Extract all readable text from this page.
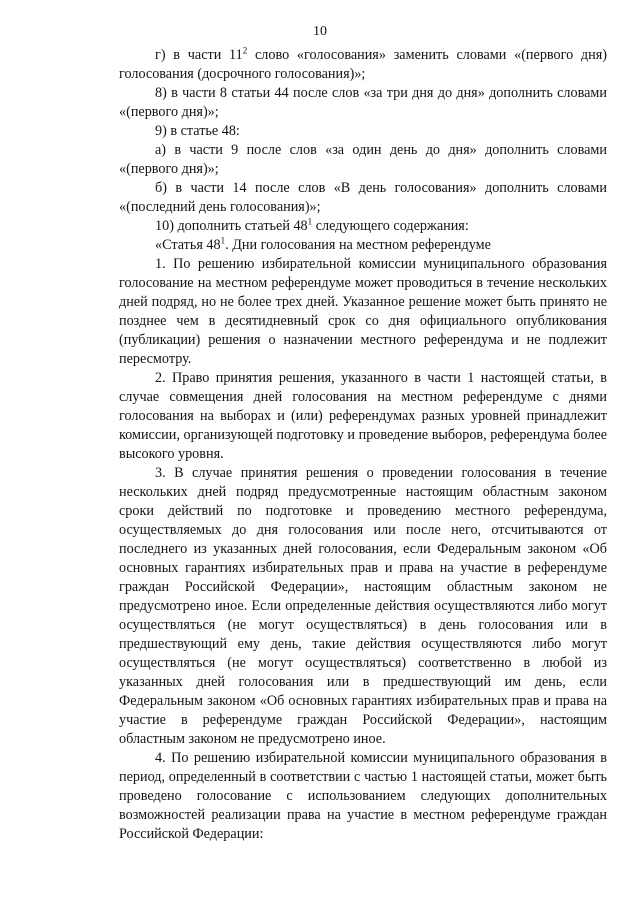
10

г) в части $11^2$ слово «голосования» заменить словами «(первого дня) голосования (досрочного голосования)»;

8) в части 8 статьи 44 после слов «за три дня до дня» дополнить словами «(первого дня)»;

9) в статье 48:

а) в части 9 после слов «за один день до дня» дополнить словами «(первого дня)»;

б) в части 14 после слов «В день голосования» дополнить словами «(последний день голосования)»;

10) дополнить статьей $48^1$ следующего содержания:

«Статья $48^1$. Дни голосования на местном референдуме

1. По решению избирательной комиссии муниципального образования голосование на местном референдуме может проводиться в течение нескольких дней подряд, но не более трех дней. Указанное решение может быть принято не позднее чем в десятидневный срок со дня официального опубликования (публикации) решения о назначении местного референдума и не подлежит пересмотру.

2. Право принятия решения, указанного в части 1 настоящей статьи, в случае совмещения дней голосования на местном референдуме с днями голосования на выборах и (или) референдумах разных уровней принадлежит комиссии, организующей подготовку и проведение выборов, референдума более высокого уровня.

3. В случае принятия решения о проведении голосования в течение нескольких дней подряд предусмотренные настоящим областным законом сроки действий по подготовке и проведению местного референдума, осуществляемых до дня голосования или после него, отсчитываются от последнего из указанных дней голосования, если Федеральным законом «Об основных гарантиях избирательных прав и права на участие в референдуме граждан Российской Федерации», настоящим областным законом не предусмотрено иное. Если определенные действия осуществляются либо могут осуществляться (не могут осуществляться) в день голосования или в предшествующий ему день, такие действия осуществляются либо могут осуществляться (не могут осуществляться) соответственно в любой из указанных дней голосования или в предшествующий им день, если Федеральным законом «Об основных гарантиях избирательных прав и права на участие в референдуме граждан Российской Федерации», настоящим областным законом не предусмотрено иное.

4. По решению избирательной комиссии муниципального образования в период, определенный в соответствии с частью 1 настоящей статьи, может быть проведено голосование с использованием следующих дополнительных возможностей реализации права на участие в местном референдуме граждан Российской Федерации:
